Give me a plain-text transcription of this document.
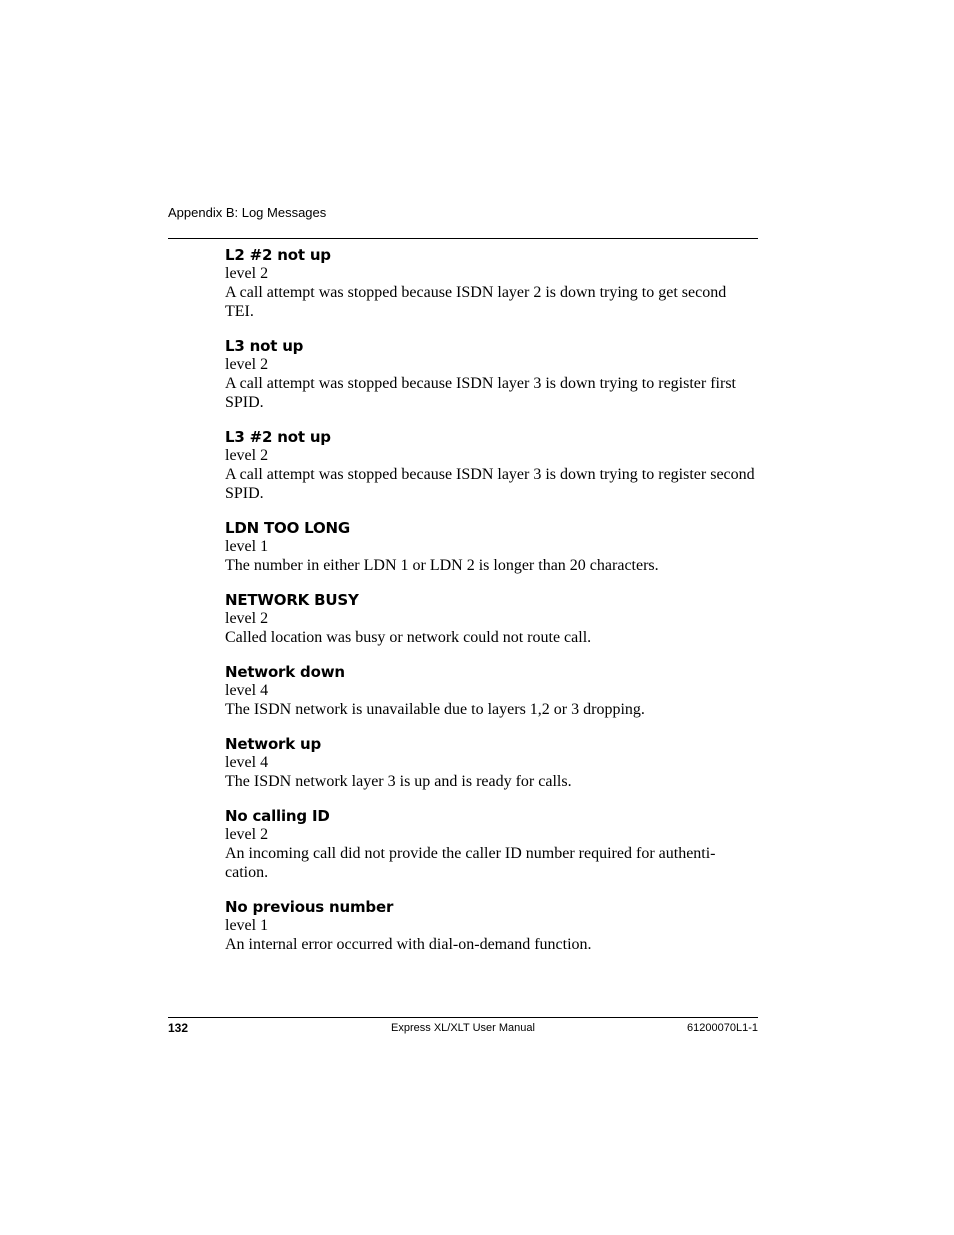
Appendix B: Log Messages
L2 #2 not up
level 2
A call attempt was stopped because ISDN layer 2 is down trying to get second
TEI.
L3 not up
level 2
A call attempt was stopped because ISDN layer 3 is down trying to register first SPID.
L3 #2 not up
level 2
A call attempt was stopped because ISDN layer 3 is down trying to register second SPID.
LDN TOO LONG
level 1
The number in either LDN 1 or LDN 2 is longer than 20 characters.
NETWORK BUSY
level 2
Called location was busy or network could not route call.
Network down
level 4
The ISDN network is unavailable due to layers 1,2 or 3 dropping.
Network up
level 4
The ISDN network layer 3 is up and is ready for calls.
No calling ID
level 2
An incoming call did not provide the caller ID number required for authenti-
cation.
No previous number
level 1
An internal error occurred with dial-on-demand function.
132	Express XL/XLT User Manual	61200070L1-1
